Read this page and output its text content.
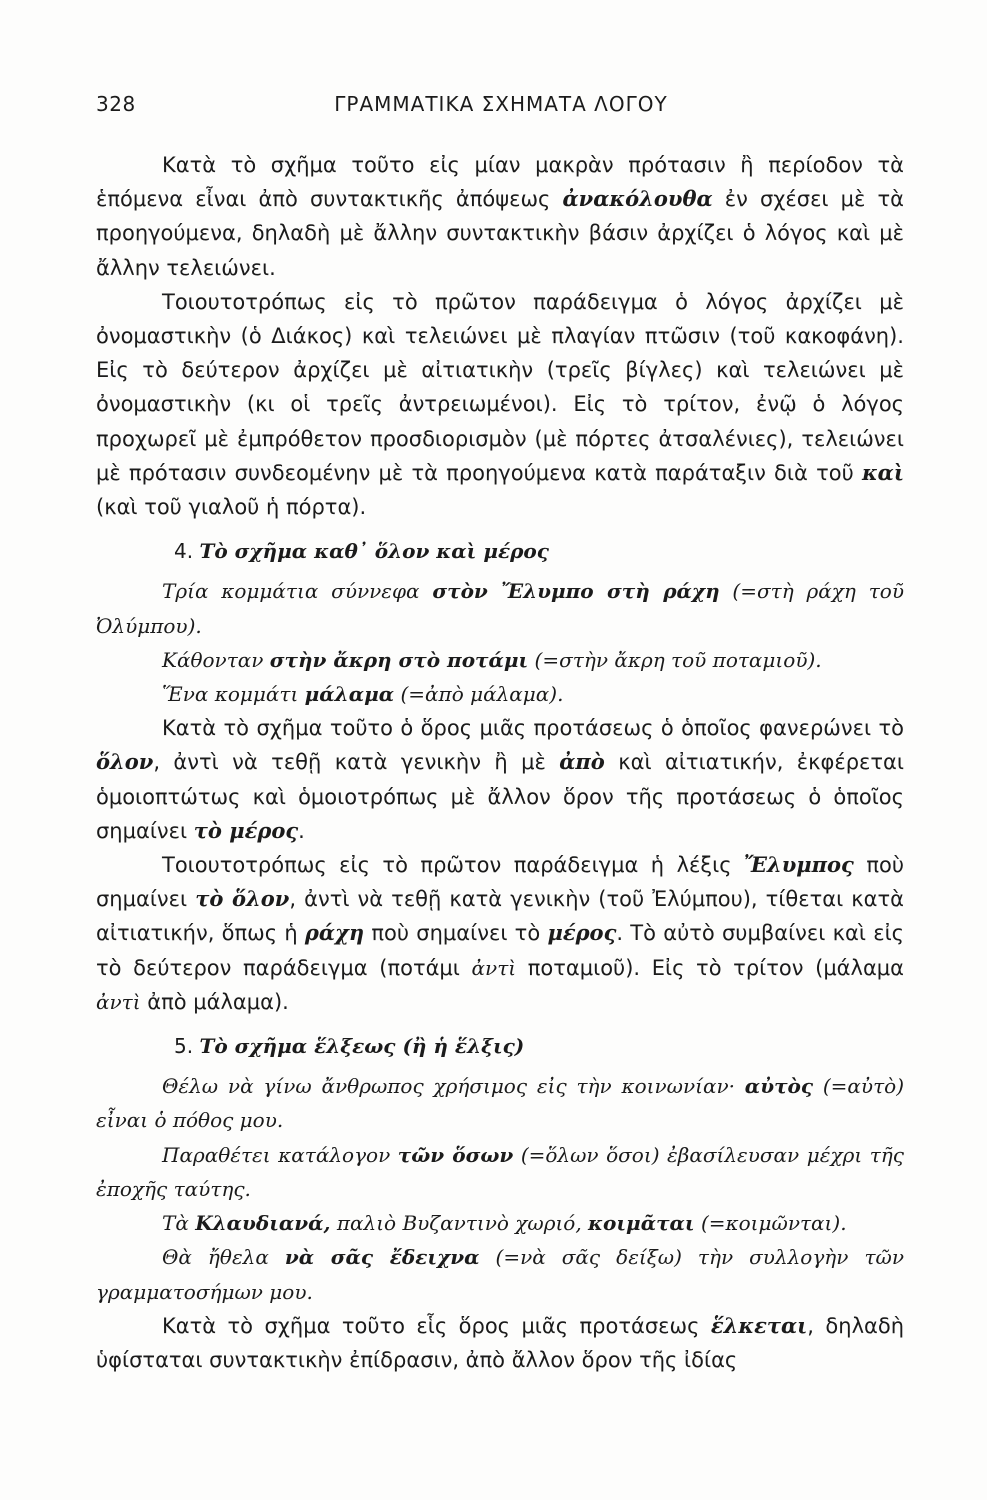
328	ΓΡΑΜΜΑΤΙΚΑ ΣΧΗΜΑΤΑ ΛΟΓΟΥ

Κατὰ τὸ σχῆμα τοῦτο εἰς μίαν μακρὰν πρότασιν ἢ περίοδον τὰ ἑπόμενα εἶναι ἀπὸ συντακτικῆς ἀπόψεως ἀνακόλουθα ἐν σχέσει μὲ τὰ προηγούμενα, δηλαδὴ μὲ ἄλλην συντακτικὴν βάσιν ἀρχίζει ὁ λόγος καὶ μὲ ἄλλην τελειώνει.

Τοιουτοτρόπως εἰς τὸ πρῶτον παράδειγμα ὁ λόγος ἀρχίζει μὲ ὀνομαστικὴν (ὁ Διάκος) καὶ τελειώνει μὲ πλαγίαν πτῶσιν (τοῦ κακοφάνη). Εἰς τὸ δεύτερον ἀρχίζει μὲ αἰτιατικὴν (τρεῖς βίγλες) καὶ τελειώνει μὲ ὀνομαστικὴν (κι οἱ τρεῖς ἀντρειωμένοι). Εἰς τὸ τρίτον, ἐνῷ ὁ λόγος προχωρεῖ μὲ ἐμπρόθετον προσδιορισμὸν (μὲ πόρτες ἀτσαλένιες), τελειώνει μὲ πρότασιν συνδεομένην μὲ τὰ προηγούμενα κατὰ παράταξιν διὰ τοῦ καὶ (καὶ τοῦ γιαλοῦ ἡ πόρτα).

4. Τὸ σχῆμα καθ᾽ ὅλον καὶ μέρος

Τρία κομμάτια σύννεφα στὸν Ἔλυμπο στὴ ράχη (=στὴ ράχη τοῦ Ὀλύμπου).

Κάθονταν στὴν ἄκρη στὸ ποτάμι (=στὴν ἄκρη τοῦ ποταμιοῦ).

Ἕνα κομμάτι μάλαμα (=ἀπὸ μάλαμα).

Κατὰ τὸ σχῆμα τοῦτο ὁ ὅρος μιᾶς προτάσεως ὁ ὁποῖος φανερώνει τὸ ὅλον, ἀντὶ νὰ τεθῇ κατὰ γενικὴν ἢ μὲ ἀπὸ καὶ αἰτιατικήν, ἐκφέρεται ὁμοιοπτώτως καὶ ὁμοιοτρόπως μὲ ἄλλον ὅρον τῆς προτάσεως ὁ ὁποῖος σημαίνει τὸ μέρος.

Τοιουτοτρόπως εἰς τὸ πρῶτον παράδειγμα ἡ λέξις Ἔλυμπος ποὺ σημαίνει τὸ ὅλον, ἀντὶ νὰ τεθῇ κατὰ γενικὴν (τοῦ Ἐλύμπου), τίθεται κατὰ αἰτιατικήν, ὅπως ἡ ράχη ποὺ σημαίνει τὸ μέρος. Τὸ αὐτὸ συμβαίνει καὶ εἰς τὸ δεύτερον παράδειγμα (ποτάμι ἀντὶ ποταμιοῦ). Εἰς τὸ τρίτον (μάλαμα ἀντὶ ἀπὸ μάλαμα).

5. Τὸ σχῆμα ἕλξεως (ἢ ἡ ἕλξις)

Θέλω νὰ γίνω ἄνθρωπος χρήσιμος εἰς τὴν κοινωνίαν· αὐτὸς (=αὐτὸ) εἶναι ὁ πόθος μου.

Παραθέτει κατάλογον τῶν ὅσων (=ὅλων ὅσοι) ἐβασίλευσαν μέχρι τῆς ἐποχῆς ταύτης.

Τὰ Κλαυδιανά, παλιὸ Βυζαντινὸ χωριό, κοιμᾶται (=κοιμῶνται).

Θὰ ἤθελα νὰ σᾶς ἔδειχνα (=νὰ σᾶς δείξω) τὴν συλλογὴν τῶν γραμματοσήμων μου.

Κατὰ τὸ σχῆμα τοῦτο εἷς ὅρος μιᾶς προτάσεως ἕλκεται, δηλαδὴ ὑφίσταται συντακτικὴν ἐπίδρασιν, ἀπὸ ἄλλον ὅρον τῆς ἰδίας
